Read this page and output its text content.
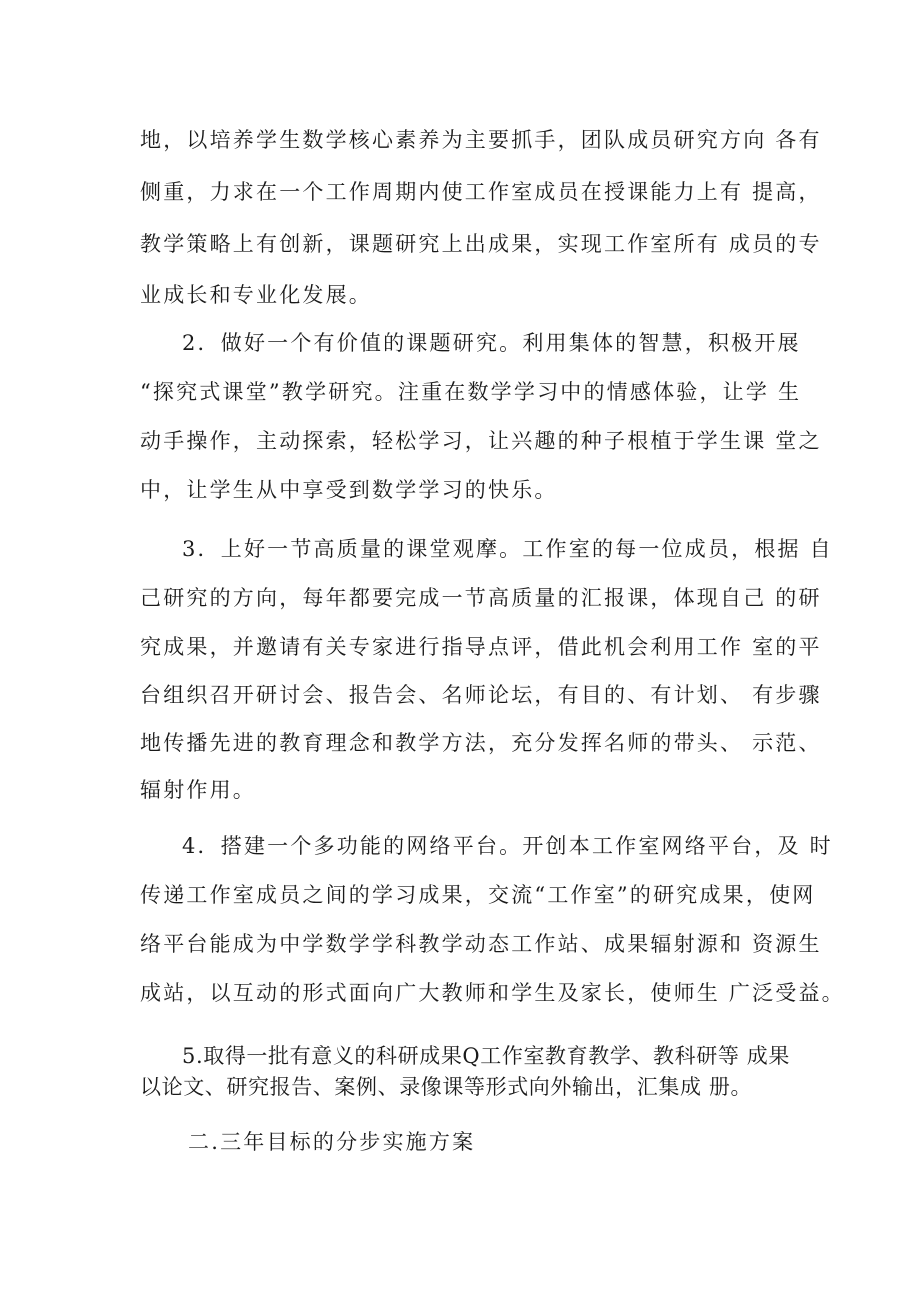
地，以培养学生数学核心素养为主要抓手，团队成员研究方向 各有
侧重，力求在一个工作周期内使工作室成员在授课能力上有 提高，
教学策略上有创新，课题研究上出成果，实现工作室所有 成员的专
业成长和专业化发展。
2．做好一个有价值的课题研究。利用集体的智慧，积极开展
“探究式课堂”教学研究。注重在数学学习中的情感体验，让学 生
动手操作，主动探索，轻松学习，让兴趣的种子根植于学生课 堂之
中，让学生从中享受到数学学习的快乐。
3．上好一节高质量的课堂观摩。工作室的每一位成员，根据 自
己研究的方向，每年都要完成一节高质量的汇报课，体现自己 的研
究成果，并邀请有关专家进行指导点评，借此机会利用工作 室的平
台组织召开研讨会、报告会、名师论坛，有目的、有计划、 有步骤
地传播先进的教育理念和教学方法，充分发挥名师的带头、 示范、
辐射作用。
4．搭建一个多功能的网络平台。开创本工作室网络平台，及 时
传递工作室成员之间的学习成果，交流“工作室”的研究成果，使网
络平台能成为中学数学学科教学动态工作站、成果辐射源和 资源生
成站，以互动的形式面向广大教师和学生及家长，使师生 广泛受益。
5.取得一批有意义的科研成果Q工作室教育教学、教科研等 成果
以论文、研究报告、案例、录像课等形式向外输出，汇集成 册。
二.三年目标的分步实施方案
